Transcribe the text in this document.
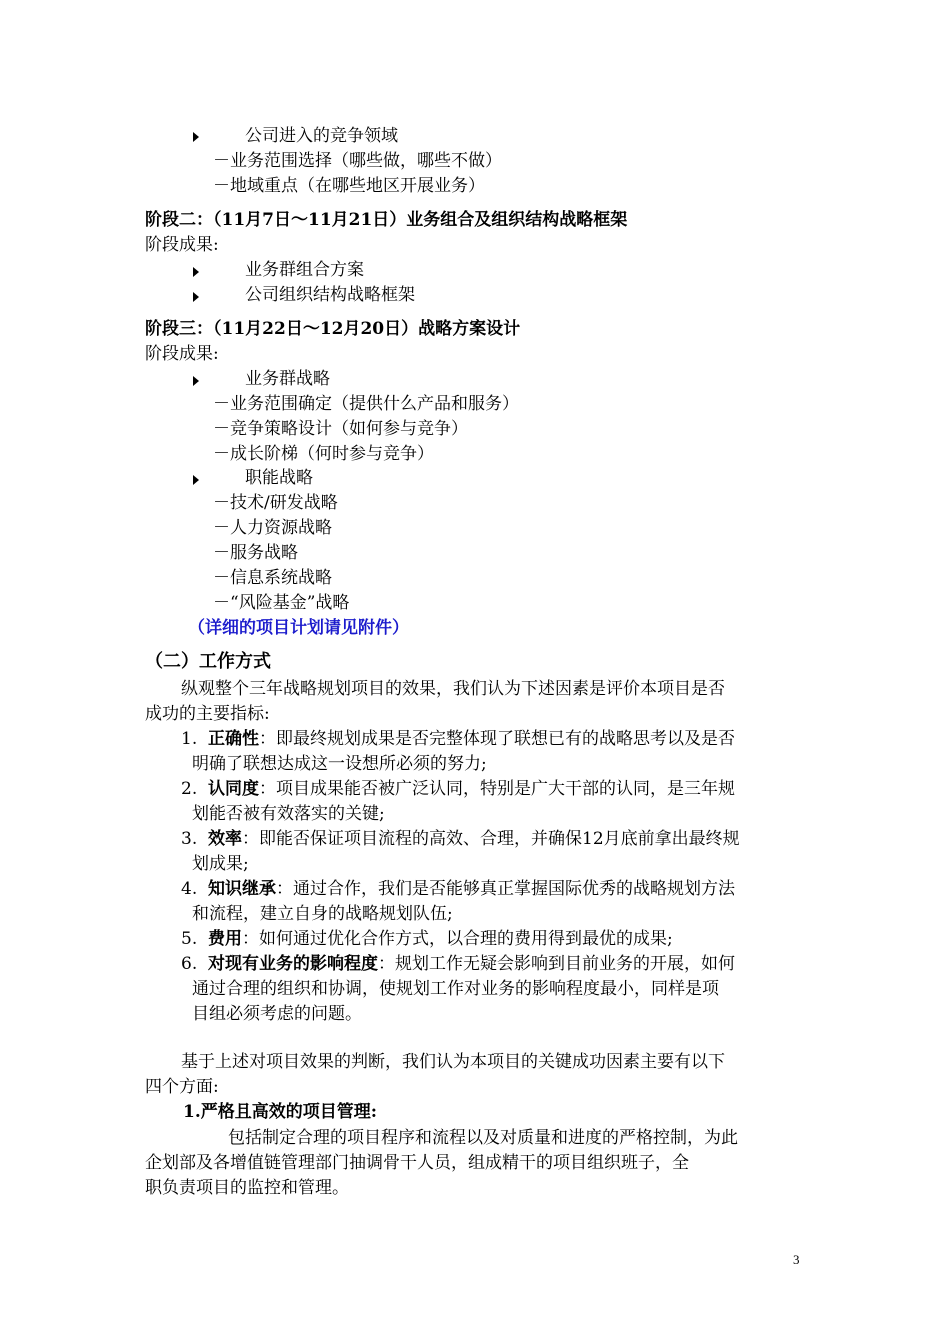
公司进入的竞争领域
－业务范围选择（哪些做，哪些不做）
－地域重点（在哪些地区开展业务）
阶段二：（11月7日～11月21日）业务组合及组织结构战略框架
阶段成果:
业务群组合方案
公司组织结构战略框架
阶段三：（11月22日～12月20日）战略方案设计
阶段成果:
业务群战略
－业务范围确定（提供什么产品和服务）
－竞争策略设计（如何参与竞争）
－成长阶梯（何时参与竞争）
职能战略
－技术/研发战略
－人力资源战略
－服务战略
－信息系统战略
－“风险基金”战略
（详细的项目计划请见附件）
（二）工作方式
纵观整个三年战略规划项目的效果，我们认为下述因素是评价本项目是否
成功的主要指标:
1. 正确性：即最终规划成果是否完整体现了联想已有的战略思考以及是否
明确了联想达成这一设想所必须的努力;
2. 认同度：项目成果能否被广泛认同，特别是广大干部的认同，是三年规
划能否被有效落实的关键;
3. 效率：即能否保证项目流程的高效、合理，并确保12月底前拿出最终规
划成果;
4. 知识继承：通过合作，我们是否能够真正掌握国际优秀的战略规划方法
和流程，建立自身的战略规划队伍;
5. 费用：如何通过优化合作方式，以合理的费用得到最优的成果;
6. 对现有业务的影响程度：规划工作无疑会影响到目前业务的开展，如何
通过合理的组织和协调，使规划工作对业务的影响程度最小，同样是项
目组必须考虑的问题。
基于上述对项目效果的判断，我们认为本项目的关键成功因素主要有以下
四个方面:
1.严格且高效的项目管理:
包括制定合理的项目程序和流程以及对质量和进度的严格控制，为此
企划部及各增值链管理部门抽调骨干人员，组成精干的项目组织班子，全
职负责项目的监控和管理。
3
